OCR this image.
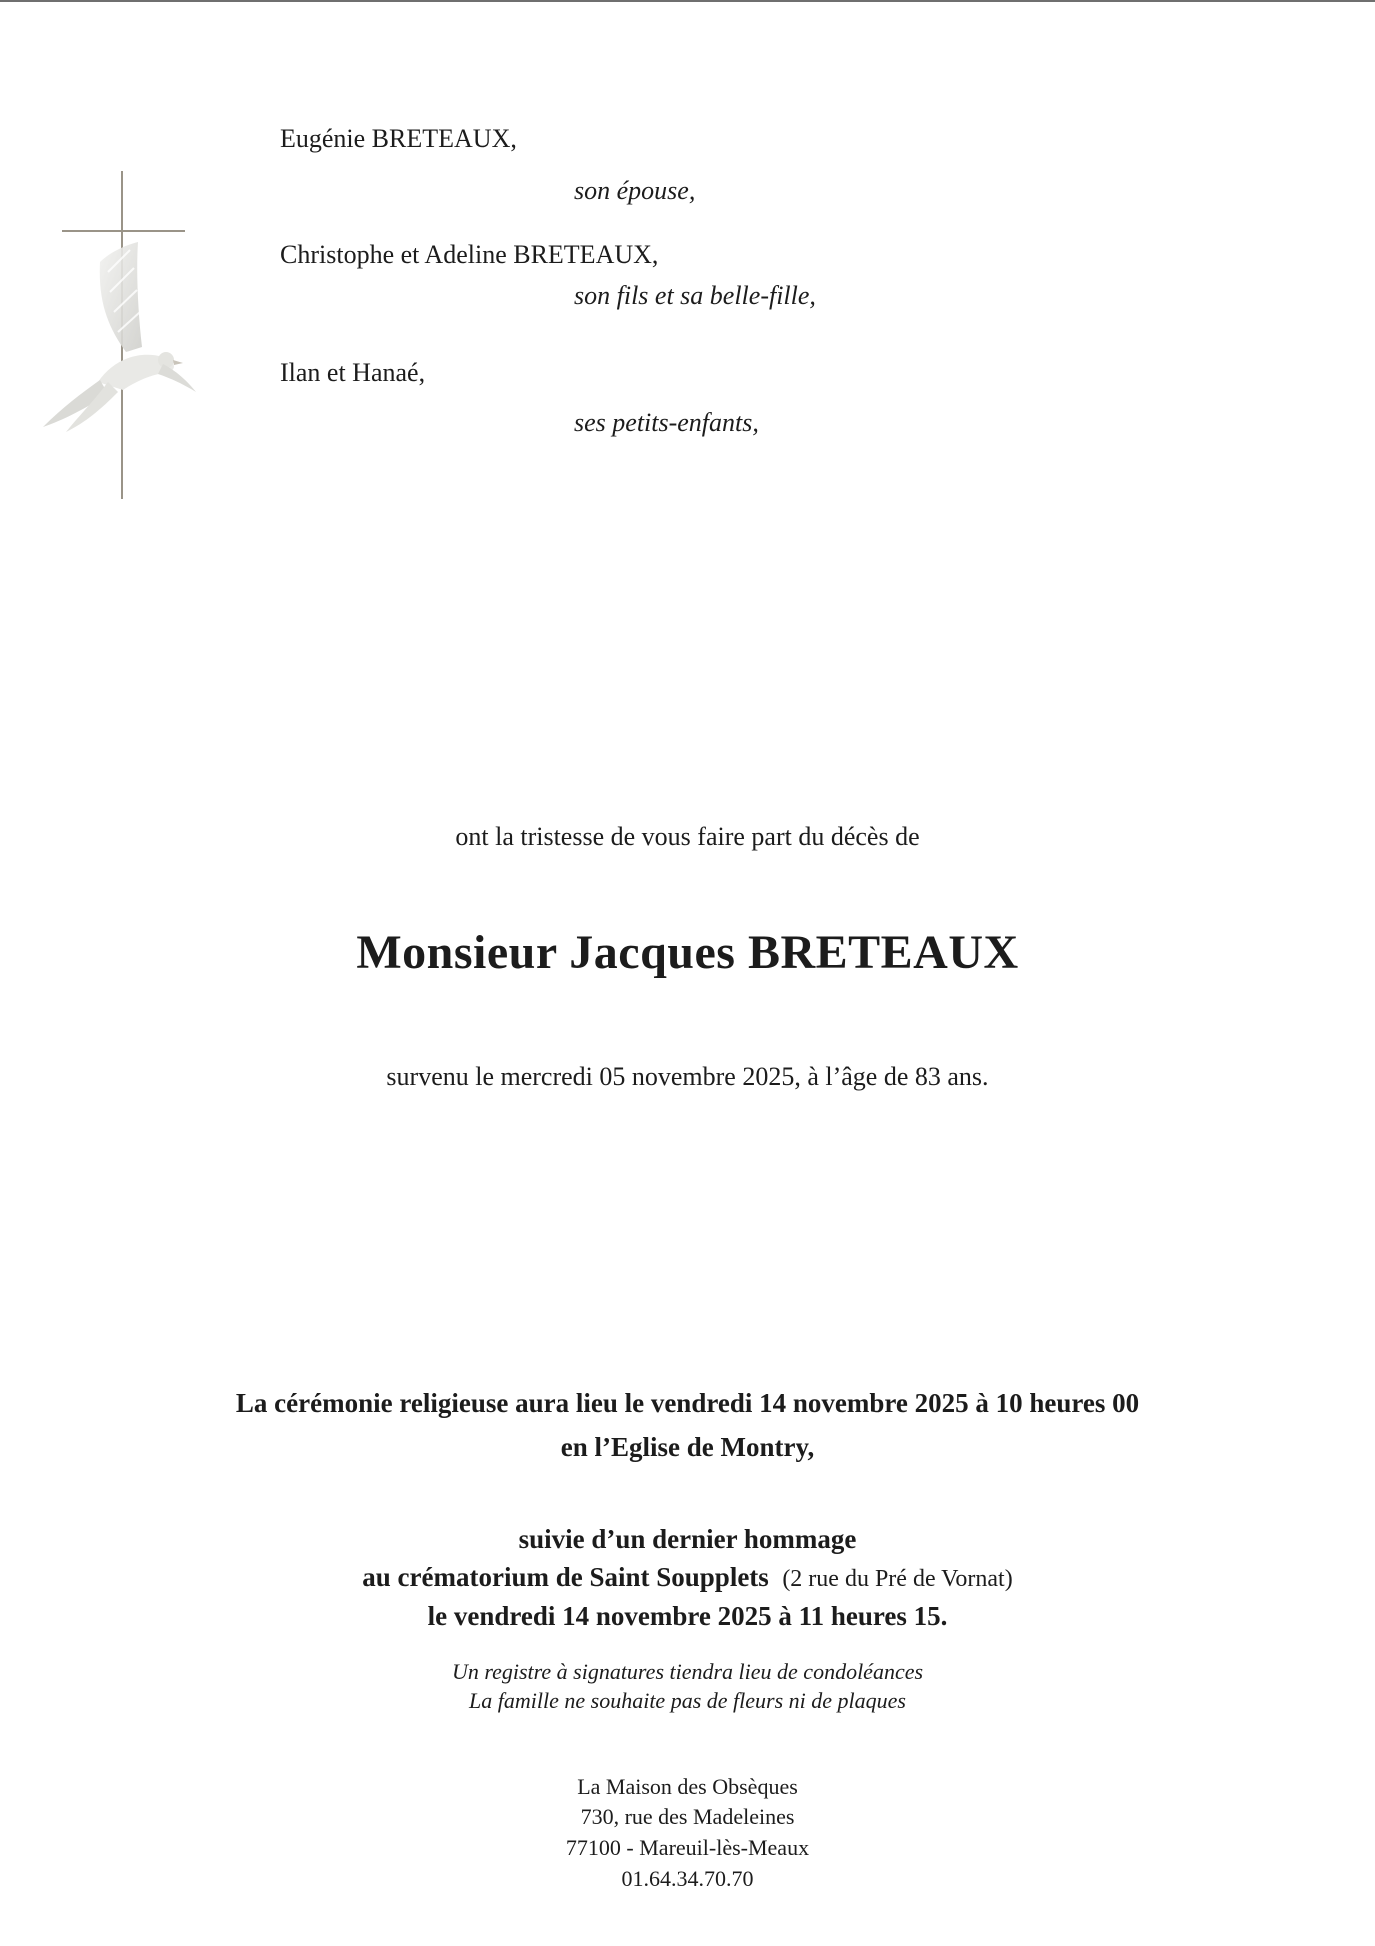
Eugénie BRETEAUX,
son épouse,
Christophe et Adeline BRETEAUX,
son fils et sa belle-fille,
Ilan et Hanaé,
ses petits-enfants,
ont la tristesse de vous faire part du décès de
Monsieur Jacques BRETEAUX
survenu le mercredi 05 novembre 2025, à l’âge de 83 ans.
La cérémonie religieuse aura lieu le vendredi 14 novembre 2025 à 10 heures 00
en l’Eglise de Montry,
suivie d’un dernier hommage
au crématorium de Saint Soupplets (2 rue du Pré de Vornat)
le vendredi 14 novembre 2025 à 11 heures 15.
Un registre à signatures tiendra lieu de condoléances
La famille ne souhaite pas de fleurs ni de plaques
La Maison des Obsèques
730, rue des Madeleines
77100 - Mareuil-lès-Meaux
01.64.34.70.70
